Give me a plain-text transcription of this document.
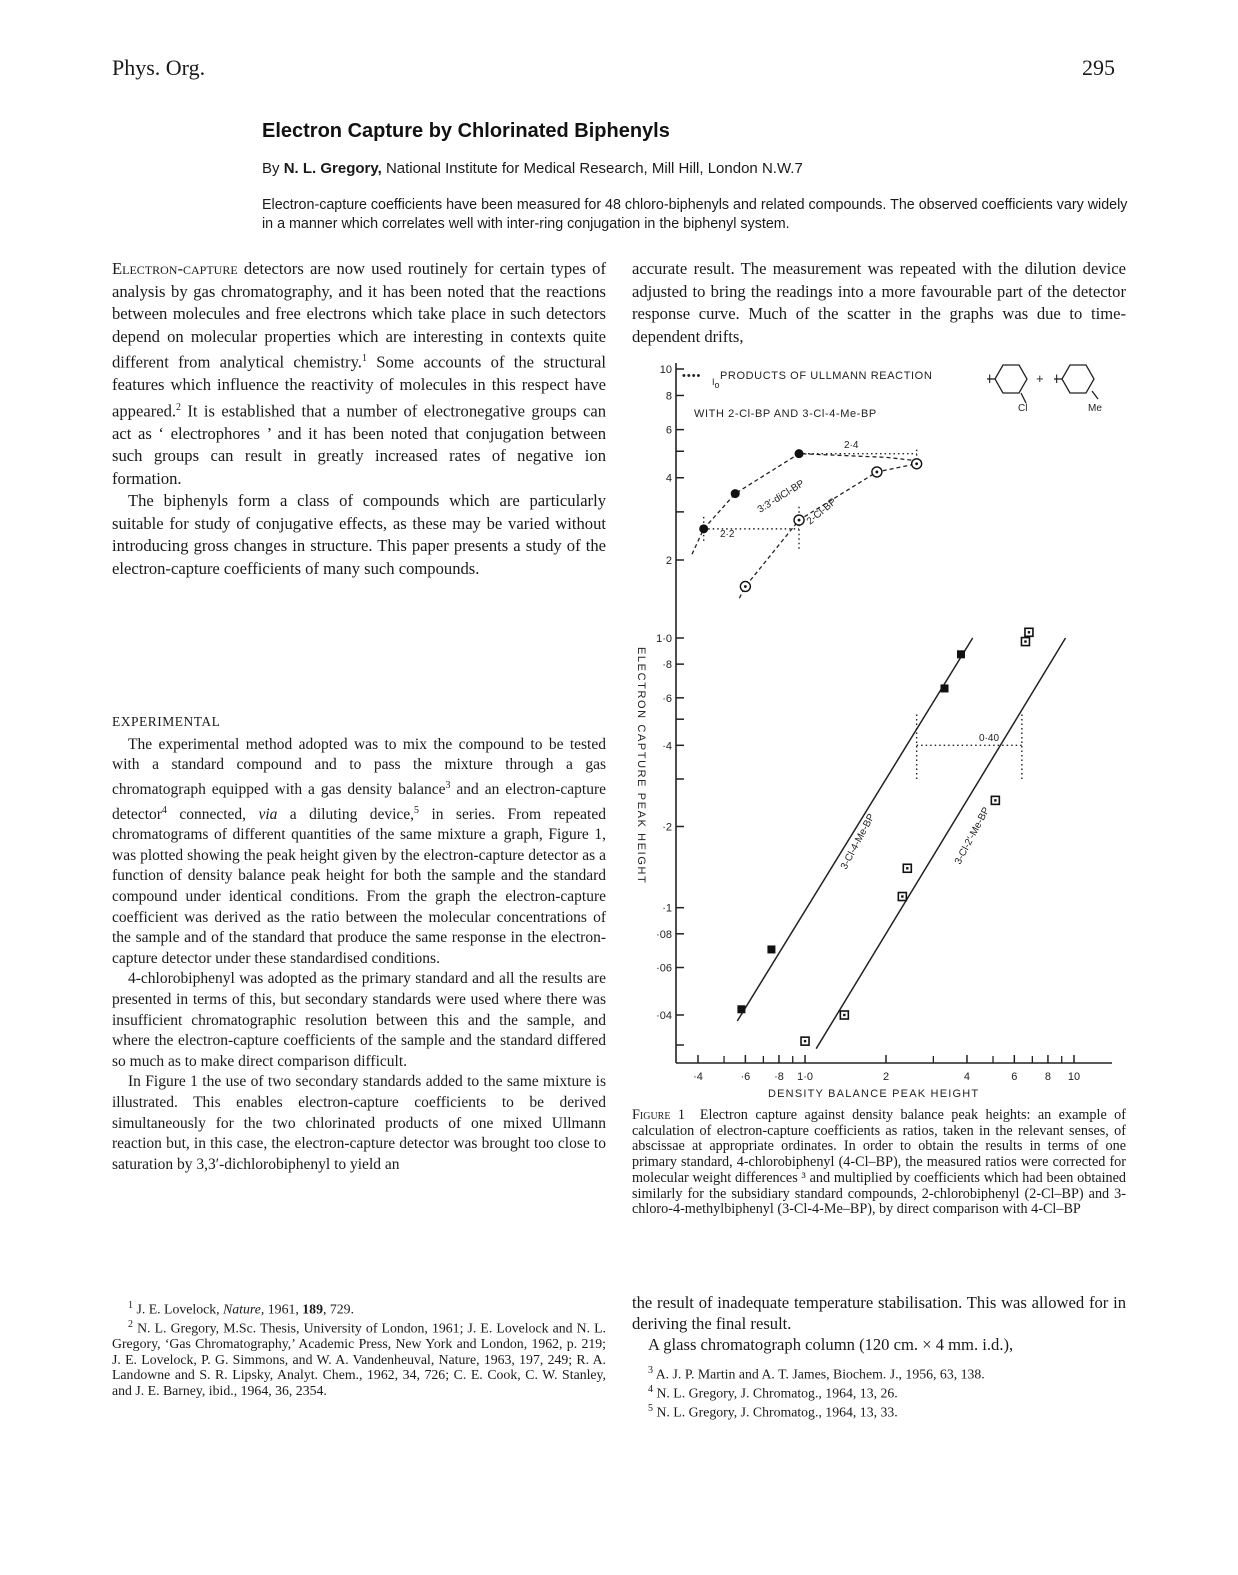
Phys. Org.	295
Electron Capture by Chlorinated Biphenyls
By N. L. Gregory, National Institute for Medical Research, Mill Hill, London N.W.7
Electron-capture coefficients have been measured for 48 chloro-biphenyls and related compounds. The observed coefficients vary widely in a manner which correlates well with inter-ring conjugation in the biphenyl system.

Electron-capture detectors are now used routinely for certain types of analysis by gas chromatography, and it has been noted that the reactions between molecules and free electrons which take place in such detectors depend on molecular properties which are interesting in contexts quite different from analytical chemistry.$^1$ Some accounts of the structural features which influence the reactivity of molecules in this respect have appeared.$^2$ It is established that a number of electronegative groups can act as ‘ electrophores ’ and it has been noted that conjugation between such groups can result in greatly increased rates of negative ion formation.

The biphenyls form a class of compounds which are particularly suitable for study of conjugative effects, as these may be varied without introducing gross changes in structure. This paper presents a study of the electron-capture coefficients of many such compounds.

EXPERIMENTAL

The experimental method adopted was to mix the compound to be tested with a standard compound and to pass the mixture through a gas chromatograph equipped with a gas density balance$^3$ and an electron-capture detector$^4$ connected, via a diluting device,$^5$ in series. From repeated chromatograms of different quantities of the same mixture a graph, Figure 1, was plotted showing the peak height given by the electron-capture detector as a function of density balance peak height for both the sample and the standard compound under identical conditions. From the graph the electron-capture coefficient was derived as the ratio between the molecular concentrations of the sample and of the standard that produce the same response in the electron-capture detector under these standardised conditions.

4-chlorobiphenyl was adopted as the primary standard and all the results are presented in terms of this, but secondary standards were used where there was insufficient chromatographic resolution between this and the sample, and where the electron-capture coefficients of the sample and the standard differed so much as to make direct comparison difficult.

In Figure 1 the use of two secondary standards added to the same mixture is illustrated. This enables electron-capture coefficients to be derived simultaneously for the two chlorinated products of one mixed Ullmann reaction but, in this case, the electron-capture detector was brought too close to saturation by 3,3′-dichlorobiphenyl to yield an

$^1$ J. E. Lovelock, Nature, 1961, 189, 729.

$^2$ N. L. Gregory, M.Sc. Thesis, University of London, 1961; J. E. Lovelock and N. L. Gregory, ‘Gas Chromatography,’ Academic Press, New York and London, 1962, p. 219; J. E. Lovelock, P. G. Simmons, and W. A. Vandenheuval, Nature, 1963, 197, 249; R. A. Landowne and S. R. Lipsky, Analyt. Chem., 1962, 34, 726; C. E. Cook, C. W. Stanley, and J. E. Barney, ibid., 1964, 36, 2354.

accurate result. The measurement was repeated with the dilution device adjusted to bring the readings into a more favourable part of the detector response curve. Much of the scatter in the graphs was due to time-dependent drifts,
10
8
6
4
2
1·0
·8
·6
·4
·2
·1
·08
·06
·04
·4	·6 ·8 1·0	2	4	6 8 10
•••• Io
PRODUCTS OF ULLMANN REACTION
WITH 2-Cl-BP AND 3-Cl-4-Me-BP
I	I
+
Cl	Me
ELECTRON CAPTURE PEAK HEIGHT
DENSITY BALANCE PEAK HEIGHT
2·2
2·4
0·40
3:3′-diCl-BP
2-Cl-BP
3-Cl-4-Me-BP	3-Cl-2′-Me-BP
Figure 1 Electron capture against density balance peak heights: an example of calculation of electron-capture coefficients as ratios, taken in the relevant senses, of abscissae at appropriate ordinates. In order to obtain the results in terms of one primary standard, 4-chlorobiphenyl (4-Cl–BP), the measured ratios were corrected for molecular weight differences ³ and multiplied by coefficients which had been obtained similarly for the subsidiary standard compounds, 2-chlorobiphenyl (2-Cl–BP) and 3-chloro-4-methylbiphenyl (3-Cl-4-Me–BP), by direct comparison with 4-Cl–BP

the result of inadequate temperature stabilisation. This was allowed for in deriving the final result.

A glass chromatograph column (120 cm. × 4 mm. i.d.),

$^3$ A. J. P. Martin and A. T. James, Biochem. J., 1956, 63, 138.

$^4$ N. L. Gregory, J. Chromatog., 1964, 13, 26.

$^5$ N. L. Gregory, J. Chromatog., 1964, 13, 33.
